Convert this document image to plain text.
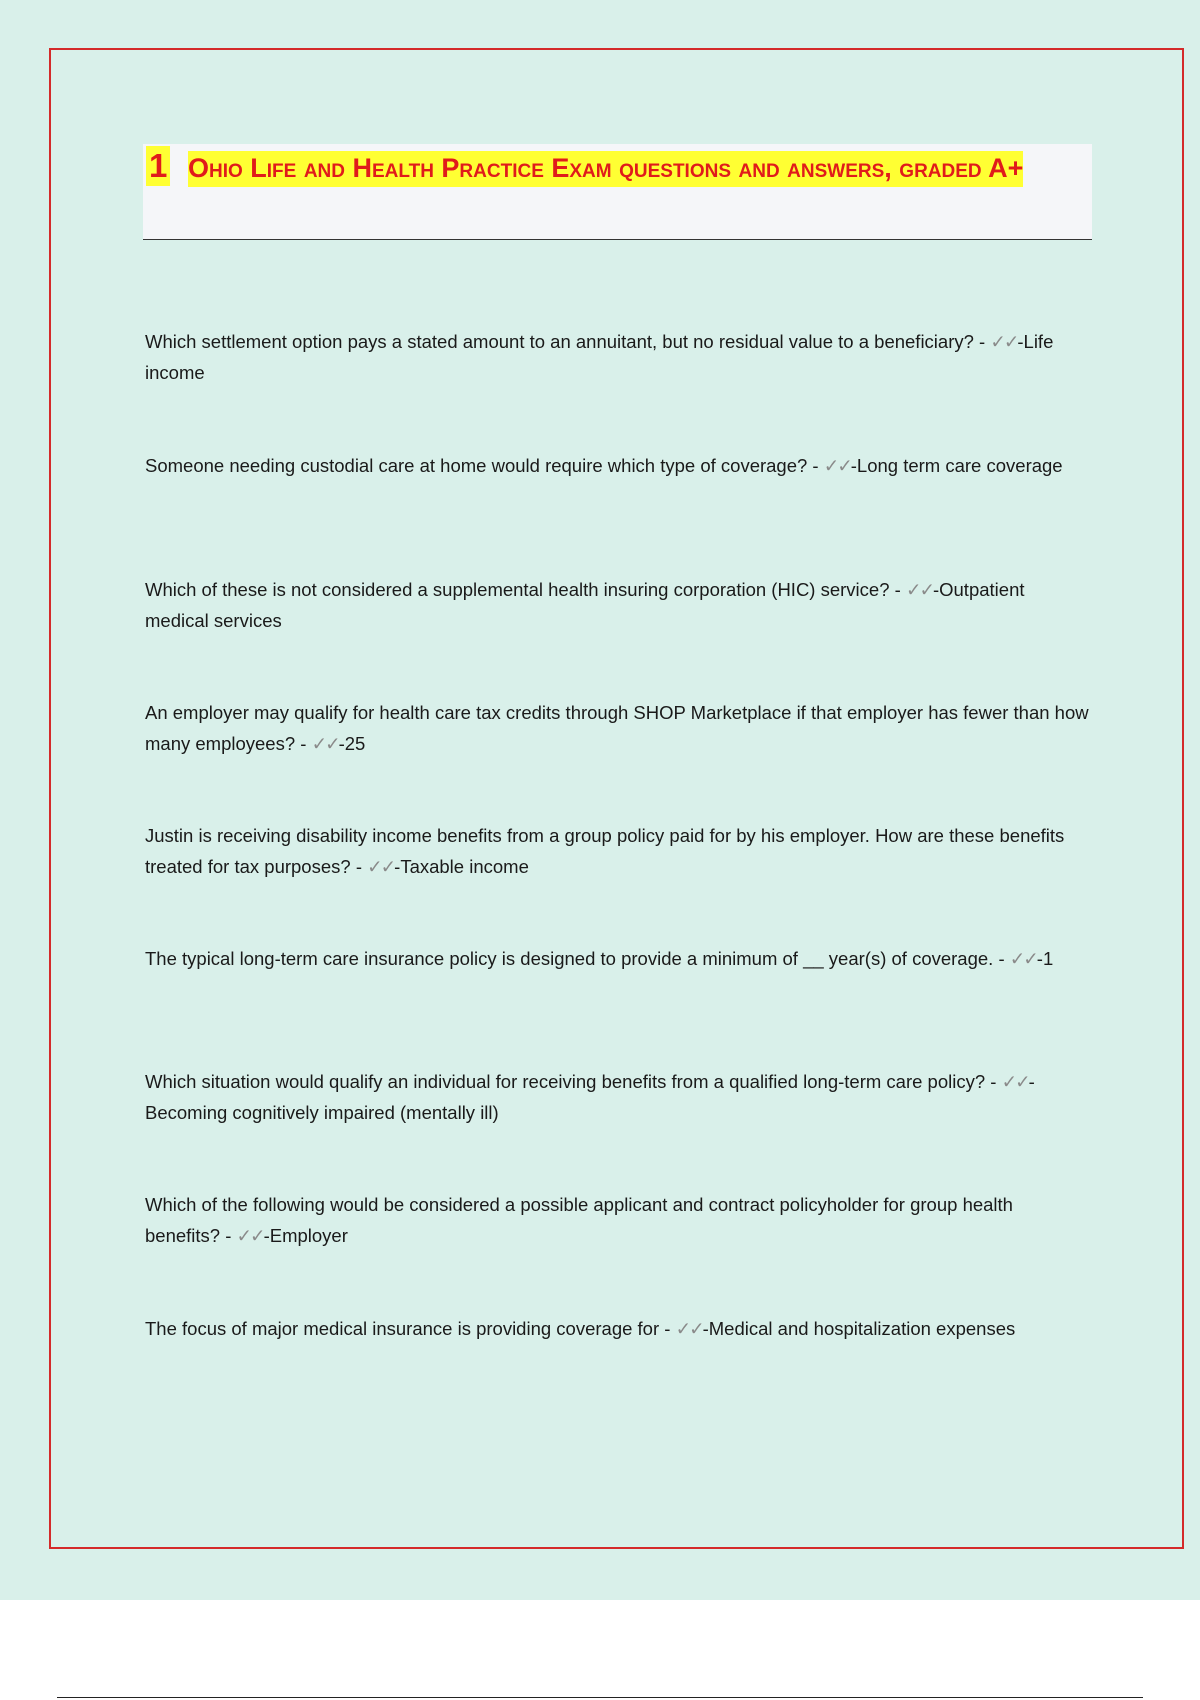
1 Ohio Life and Health Practice Exam questions and answers, graded A+
Which settlement option pays a stated amount to an annuitant, but no residual value to a beneficiary? - ✓✓-Life income
Someone needing custodial care at home would require which type of coverage? - ✓✓-Long term care coverage
Which of these is not considered a supplemental health insuring corporation (HIC) service? - ✓✓-Outpatient medical services
An employer may qualify for health care tax credits through SHOP Marketplace if that employer has fewer than how many employees? - ✓✓-25
Justin is receiving disability income benefits from a group policy paid for by his employer. How are these benefits treated for tax purposes? - ✓✓-Taxable income
The typical long-term care insurance policy is designed to provide a minimum of __ year(s) of coverage. - ✓✓-1
Which situation would qualify an individual for receiving benefits from a qualified long-term care policy? - ✓✓-Becoming cognitively impaired (mentally ill)
Which of the following would be considered a possible applicant and contract policyholder for group health benefits? - ✓✓-Employer
The focus of major medical insurance is providing coverage for - ✓✓-Medical and hospitalization expenses
